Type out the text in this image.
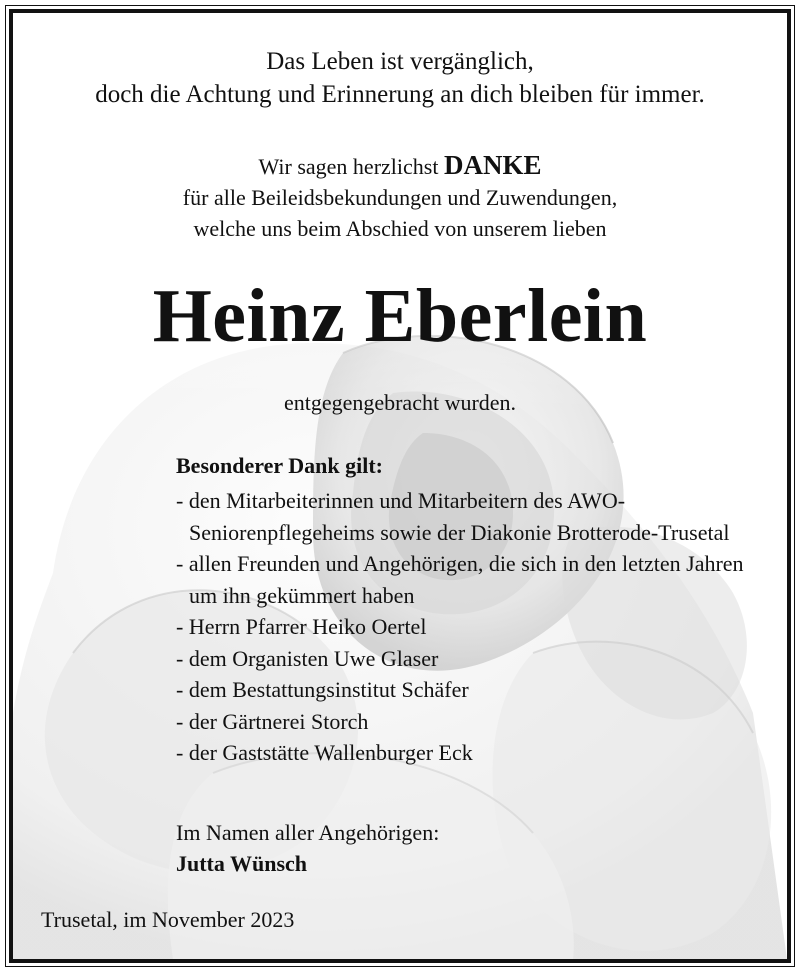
Das Leben ist vergänglich,
doch die Achtung und Erinnerung an dich bleiben für immer.
Wir sagen herzlichst DANKE
für alle Beileidsbekundungen und Zuwendungen,
welche uns beim Abschied von unserem lieben
Heinz Eberlein
entgegengebracht wurden.
Besonderer Dank gilt:
- den Mitarbeiterinnen und Mitarbeitern des AWO-Seniorenpflegeheims sowie der Diakonie Brotterode-Trusetal
- allen Freunden und Angehörigen, die sich in den letzten Jahren um ihn gekümmert haben
- Herrn Pfarrer Heiko Oertel
- dem Organisten Uwe Glaser
- dem Bestattungsinstitut Schäfer
- der Gärtnerei Storch
- der Gaststätte Wallenburger Eck
Im Namen aller Angehörigen:
Jutta Wünsch
Trusetal, im November 2023
